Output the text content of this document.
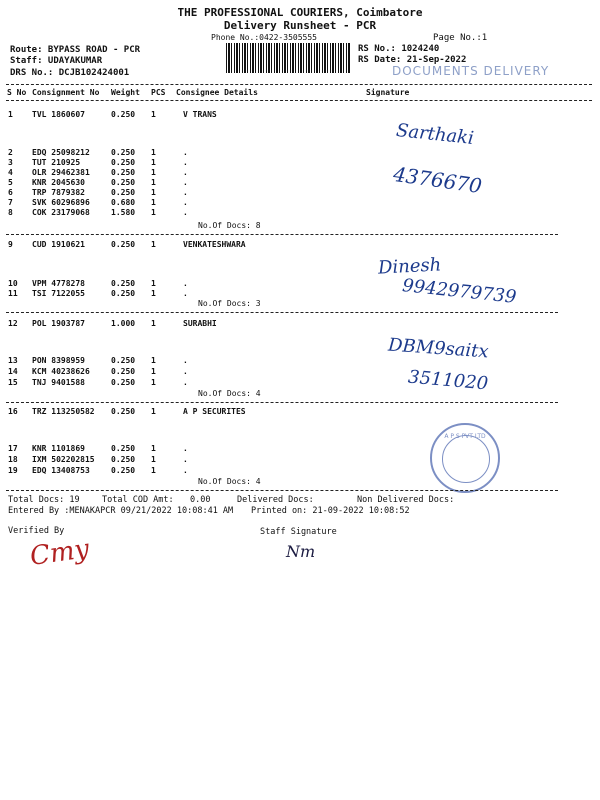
THE PROFESSIONAL COURIERS, Coimbatore
Delivery Runsheet - PCR
Phone No.:0422-3505555	Page No.:1
Route: BYPASS ROAD - PCR
Staff: UDAYAKUMAR
DRS No.: DCJB102424001
RS No.: 1024240
RS Date: 21-Sep-2022
DOCUMENTS DELIVERY
S No Consignment No Weight PCS Consignee Details	Signature
1 TVL 1860607	0.250 1	V TRANS
2 EDQ 25098212	0.250 1	.
3 TUT 210925	0.250 1	.
4 OLR 29462381	0.250 1	.
5 KNR 2045630	0.250 1	.
6 TRP 7879382	0.250 1	.
7 SVK 60296896	0.680 1	.
8 COK 23179068	1.580 1	.
No.Of Docs: 8
Sarthaki
4376670
9 CUD 1910621	0.250 1	VENKATESHWARA
10 VPM 4778278	0.250 1	.
11 TSI 7122055	0.250 1	.
No.Of Docs: 3
Dinesh
9942979739
12 POL 1903787	1.000 1	SURABHI
13 PON 8398959	0.250 1	.
14 KCM 40238626	0.250 1	.
15 TNJ 9401588	0.250 1	.
No.Of Docs: 4
DBM9saitx
3511020
16 TRZ 113250582 0.250 1	A P SECURITES
17 KNR 1101869	0.250 1	.
18 IXM 502202815 0.250 1	.
19 EDQ 13408753	0.250 1	.
No.Of Docs: 4
A P S PVT LTD
Total Docs: 19	Total COD Amt: 0.00	Delivered Docs:	Non Delivered Docs:
Entered By :MENAKAPCR 09/21/2022 10:08:41 AM Printed on: 21-09-2022 10:08:52
Verified By
Cmy
Staff Signature
Nm
